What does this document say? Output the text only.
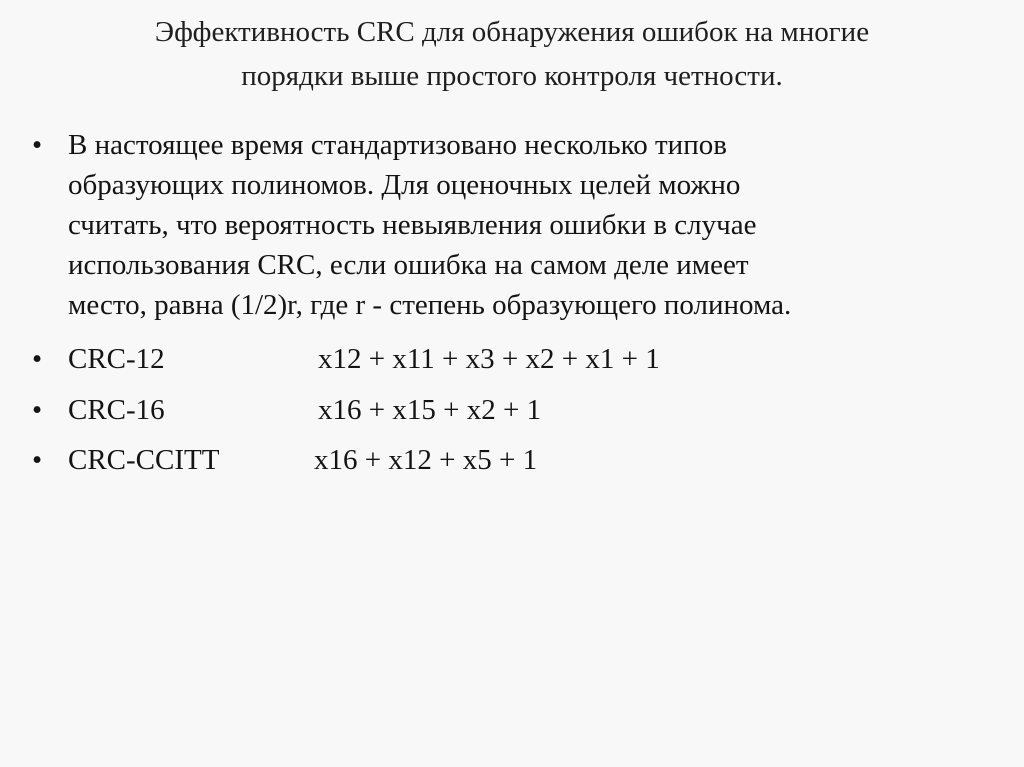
Эффективность CRC для обнаружения ошибок на многие
порядки выше простого контроля четности.
• В настоящее время стандартизовано несколько типов
образующих полиномов. Для оценочных целей можно
считать, что вероятность невыявления ошибки в случае
использования CRC, если ошибка на самом деле имеет
место, равна (1/2)r, где r - степень образующего полинома.
• CRC-12	x12 + x11 + x3 + x2 + x1 + 1
• CRC-16	x16 + x15 + x2 + 1
• CRC-CCITT	x16 + x12 + x5 + 1
